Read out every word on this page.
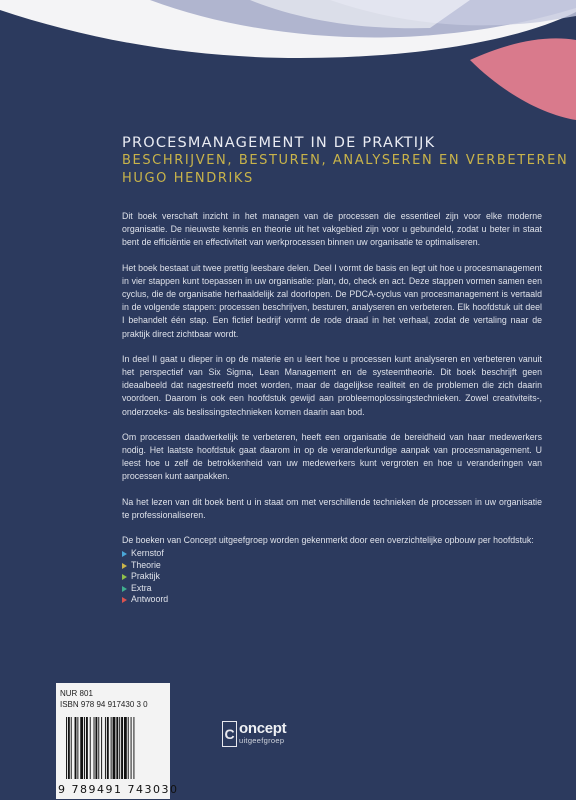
PROCESMANAGEMENT IN DE PRAKTIJK
BESCHRIJVEN, BESTUREN, ANALYSEREN EN VERBETEREN
HUGO HENDRIKS

Dit boek verschaft inzicht in het managen van de processen die essentieel zijn voor elke moderne organisatie. De nieuwste kennis en theorie uit het vakgebied zijn voor u gebundeld, zodat u beter in staat bent de efficiëntie en effectiviteit van werkprocessen binnen uw organisatie te optimaliseren.

Het boek bestaat uit twee prettig leesbare delen. Deel I vormt de basis en legt uit hoe u procesmanagement in vier stappen kunt toepassen in uw organisatie: plan, do, check en act. Deze stappen vormen samen een cyclus, die de organisatie herhaaldelijk zal doorlopen. De PDCA-cyclus van procesmanagement is vertaald in de volgende stappen: processen beschrijven, besturen, analyseren en verbeteren. Elk hoofdstuk uit deel I behandelt één stap. Een fictief bedrijf vormt de rode draad in het verhaal, zodat de vertaling naar de praktijk direct zichtbaar wordt.

In deel II gaat u dieper in op de materie en u leert hoe u processen kunt analyseren en verbeteren vanuit het perspectief van Six Sigma, Lean Management en de systeemtheorie. Dit boek beschrijft geen ideaalbeeld dat nagestreefd moet worden, maar de dagelijkse realiteit en de problemen die zich daarin voordoen. Daarom is ook een hoofdstuk gewijd aan probleemoplossingstechnieken. Zowel creativiteits-, onderzoeks- als beslissingstechnieken komen daarin aan bod.

Om processen daadwerkelijk te verbeteren, heeft een organisatie de bereidheid van haar medewerkers nodig. Het laatste hoofdstuk gaat daarom in op de veranderkundige aanpak van procesmanagement. U leest hoe u zelf de betrokkenheid van uw medewerkers kunt vergroten en hoe u veranderingen van processen kunt aanpakken.

Na het lezen van dit boek bent u in staat om met verschillende technieken de processen in uw organisatie te professionaliseren.

De boeken van Concept uitgeefgroep worden gekenmerkt door een overzichtelijke opbouw per hoofdstuk:
Kernstof
Theorie
Praktijk
Extra
Antwoord
NUR 801
ISBN 978 94 917430 3 0
9 789491 743030
C oncept
uitgeefgroep
